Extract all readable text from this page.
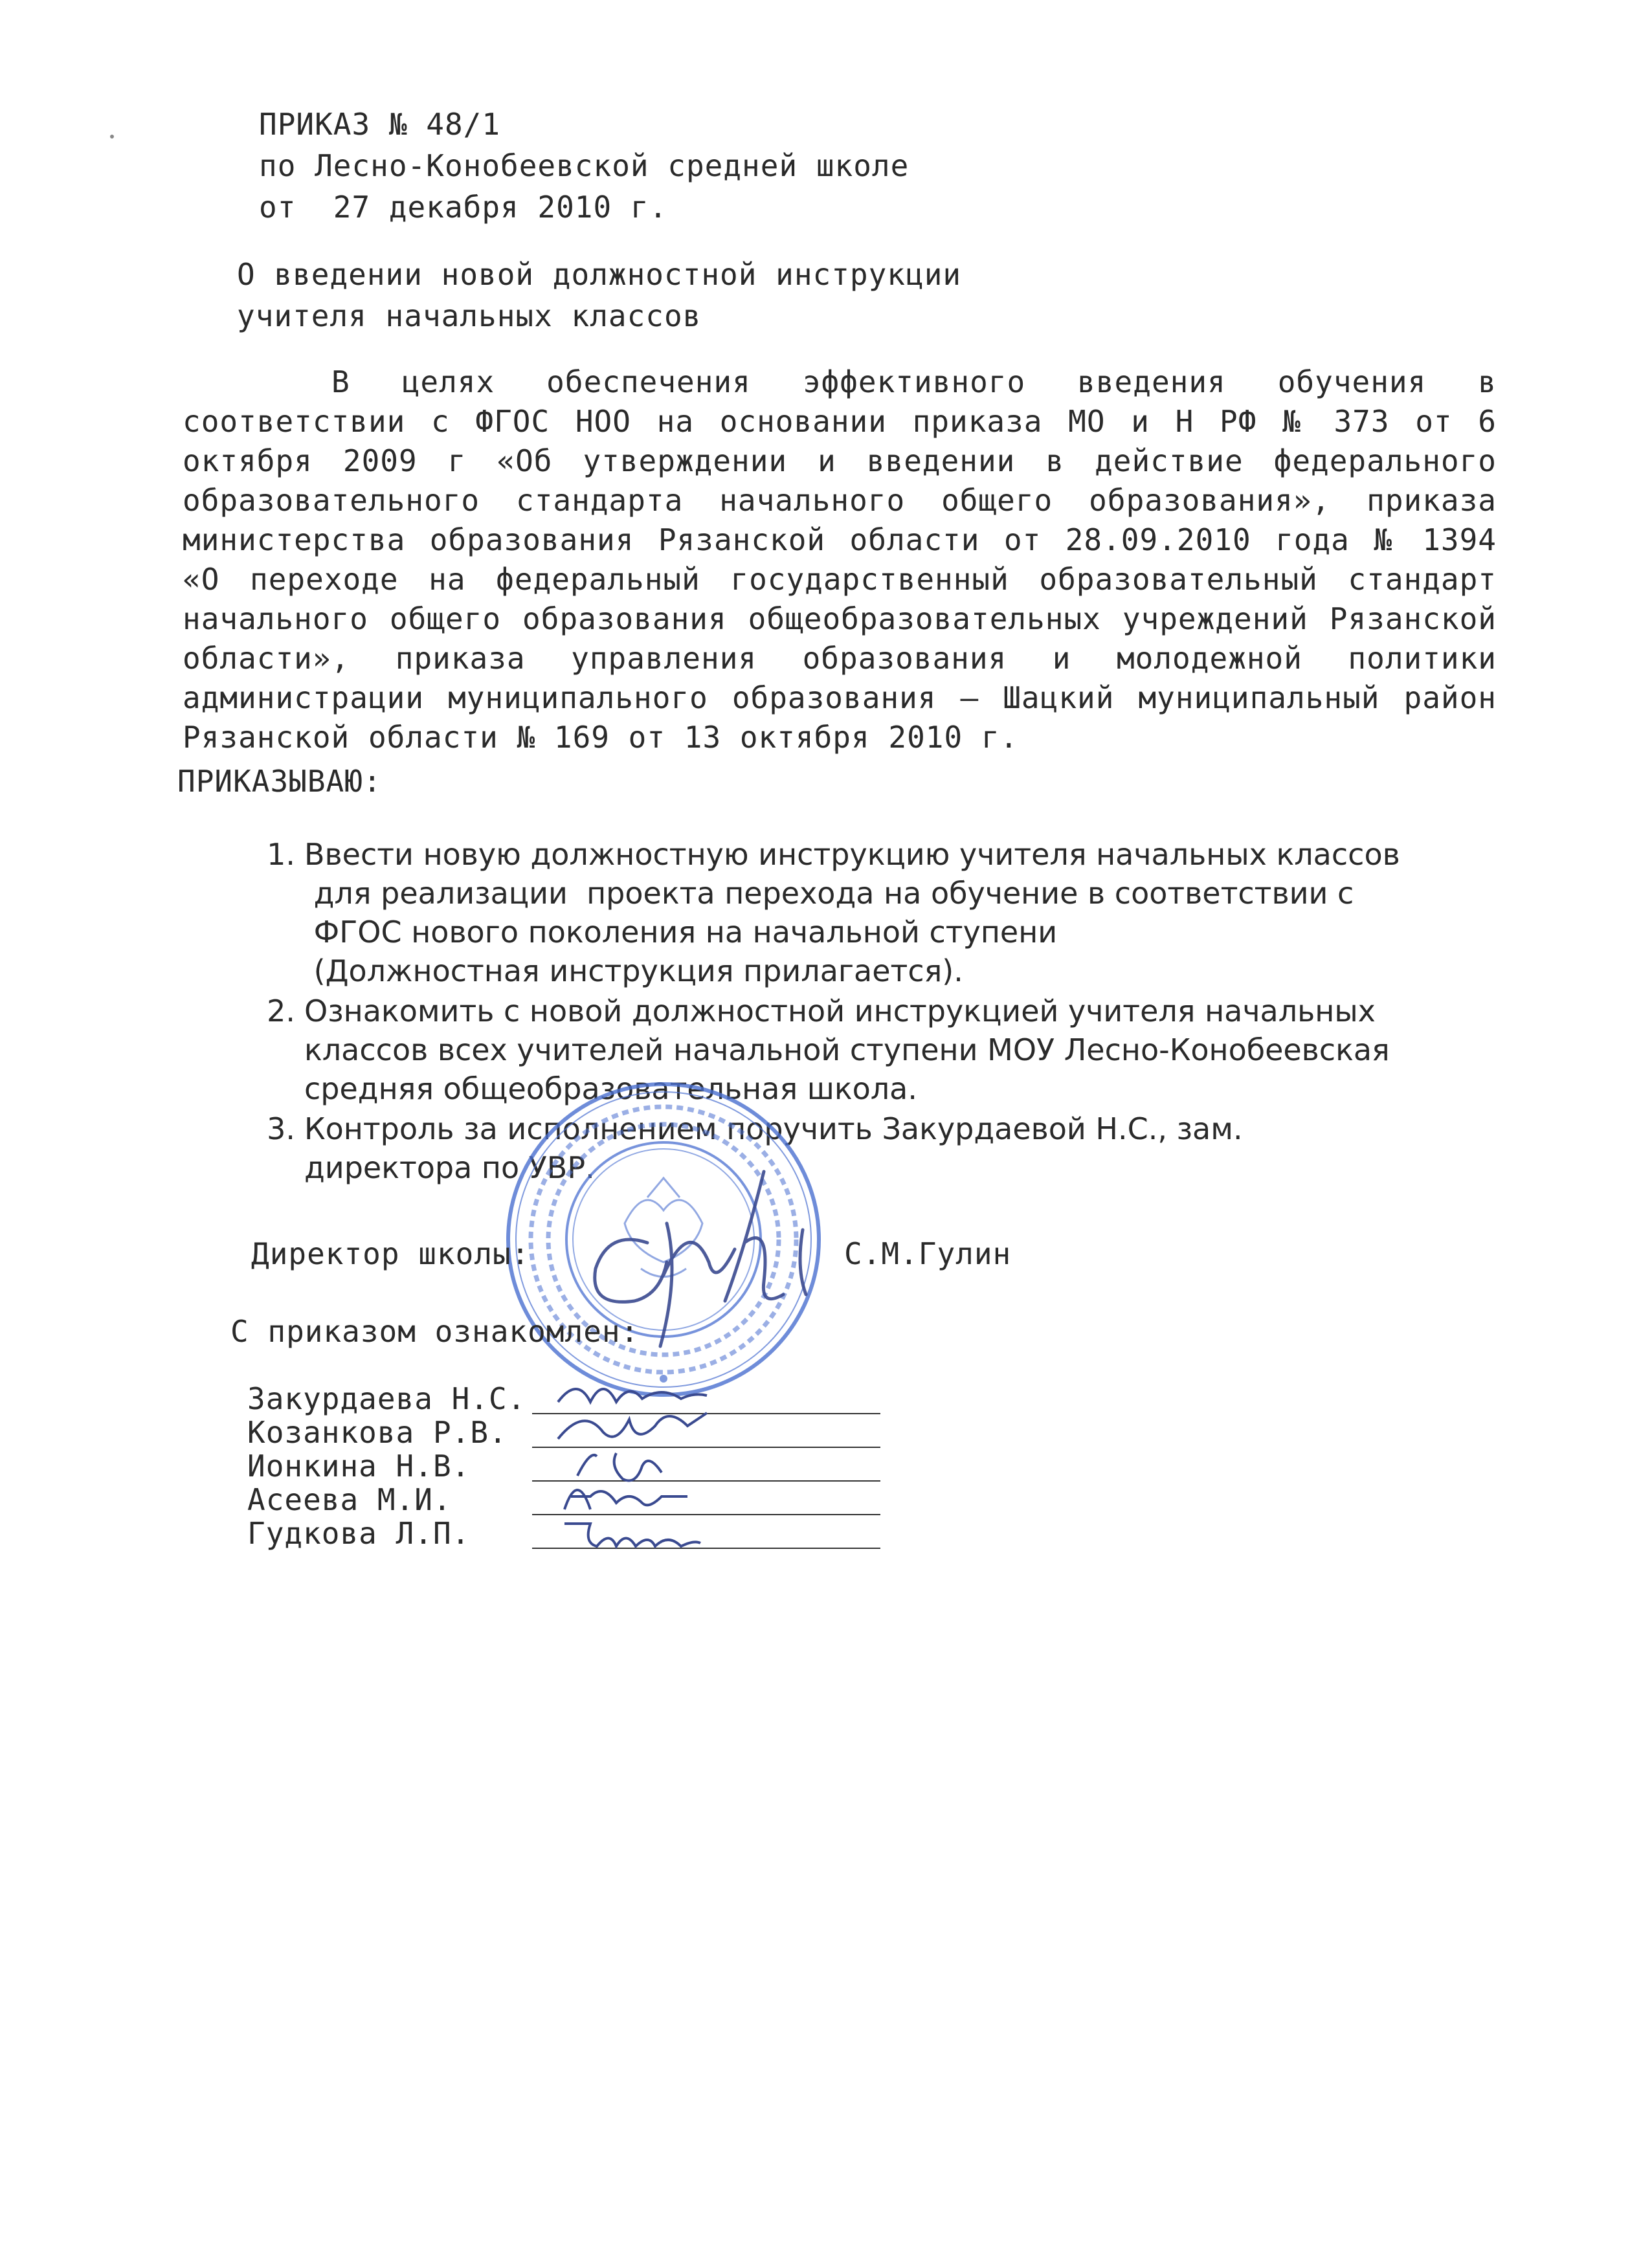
ПРИКАЗ № 48/1
по Лесно-Конобеевской средней школе
от  27 декабря 2010 г.
О введении новой должностной инструкции
учителя начальных классов
В целях обеспечения эффективного введения обучения в соответствии с ФГОС НОО на основании приказа МО и Н РФ № 373 от 6 октября 2009 г «Об утверждении и введении в действие федерального образовательного стандарта начального общего образования», приказа министерства образования Рязанской области от 28.09.2010 года № 1394 «О переходе на федеральный государственный образовательный стандарт начального общего образования общеобразовательных учреждений Рязанской области», приказа управления образования и молодежной политики администрации муниципального образования – Шацкий муниципальный район Рязанской области № 169 от 13 октября 2010 г.
ПРИКАЗЫВАЮ:
1. Ввести новую должностную инструкцию учителя начальных классов
для реализации  проекта перехода на обучение в соответствии с
ФГОС нового поколения на начальной ступени
(Должностная инструкция прилагается).
2. Ознакомить с новой должностной инструкцией учителя начальных
классов всех учителей начальной ступени МОУ Лесно-Конобеевская
средняя общеобразовательная школа.
3. Контроль за исполнением поручить Закурдаевой Н.С., зам.
директора по УВР.
Директор школы:	С.М.Гулин
С приказом ознакомлен:
Закурдаева Н.С.
Козанкова Р.В.
Ионкина Н.В.
Асеева М.И.
Гудкова Л.П.
